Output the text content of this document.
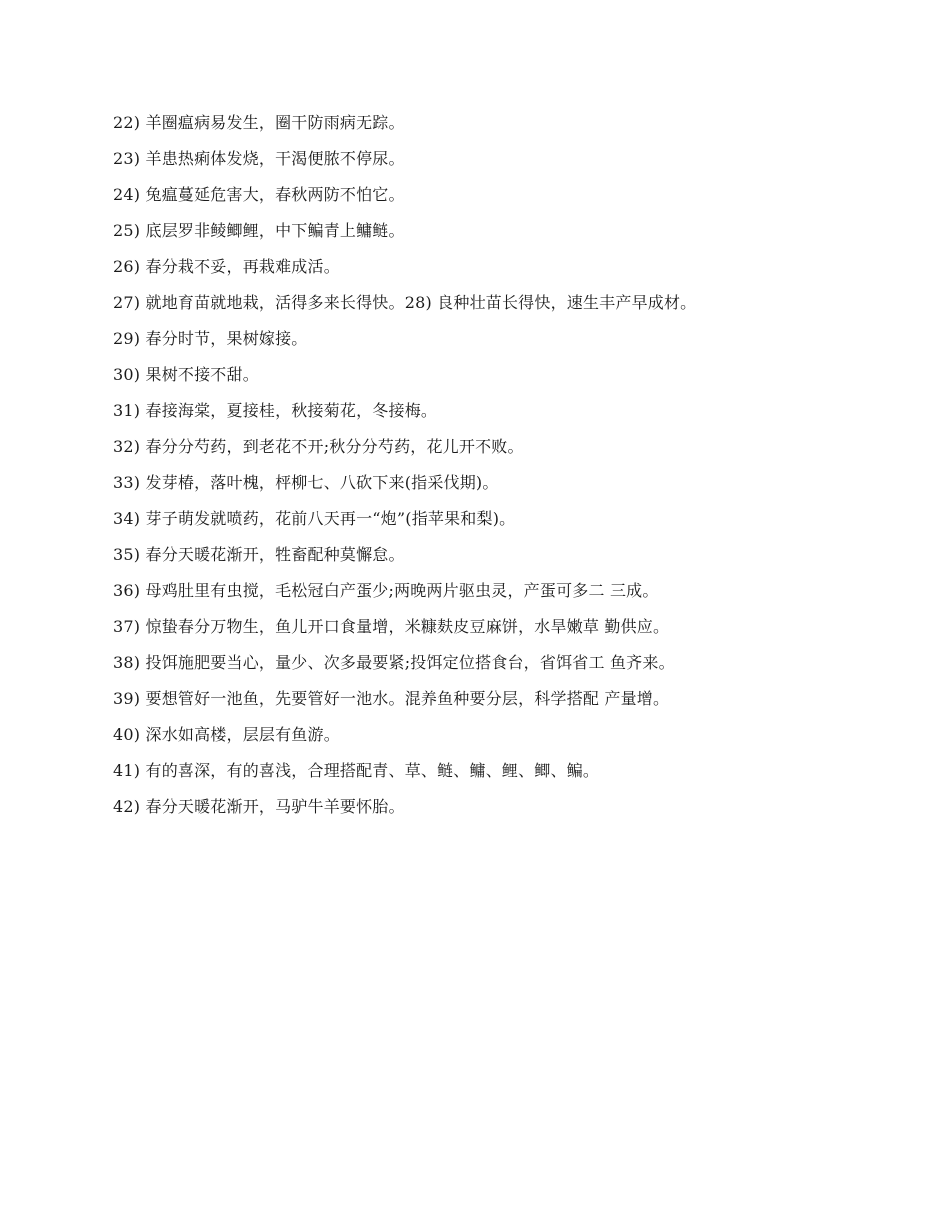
22) 羊圈瘟病易发生，圈干防雨病无踪。
23) 羊患热痢体发烧，干渴便脓不停尿。
24) 兔瘟蔓延危害大，春秋两防不怕它。
25) 底层罗非鲮鲫鲤，中下鳊青上鳙鲢。
26) 春分栽不妥，再栽难成活。
27) 就地育苗就地栽，活得多来长得快。28) 良种壮苗长得快，速生丰产早成材。
29) 春分时节，果树嫁接。
30) 果树不接不甜。
31) 春接海棠，夏接桂，秋接菊花，冬接梅。
32) 春分分芍药，到老花不开;秋分分芍药，花儿开不败。
33) 发芽椿，落叶槐，枰柳七、八砍下来(指采伐期)。
34) 芽子萌发就喷药，花前八天再一“炮”(指苹果和梨)。
35) 春分天暖花渐开，牲畜配种莫懈怠。
36) 母鸡肚里有虫搅，毛松冠白产蛋少;两晚两片驱虫灵，产蛋可多二 三成。
37) 惊蛰春分万物生，鱼儿开口食量增，米糠麸皮豆麻饼，水旱嫩草 勤供应。
38) 投饵施肥要当心，量少、次多最要紧;投饵定位搭食台，省饵省工 鱼齐来。
39) 要想管好一池鱼，先要管好一池水。混养鱼种要分层，科学搭配 产量增。
40) 深水如高楼，层层有鱼游。
41) 有的喜深，有的喜浅，合理搭配青、草、鲢、鳙、鲤、鲫、鳊。
42) 春分天暖花渐开，马驴牛羊要怀胎。
